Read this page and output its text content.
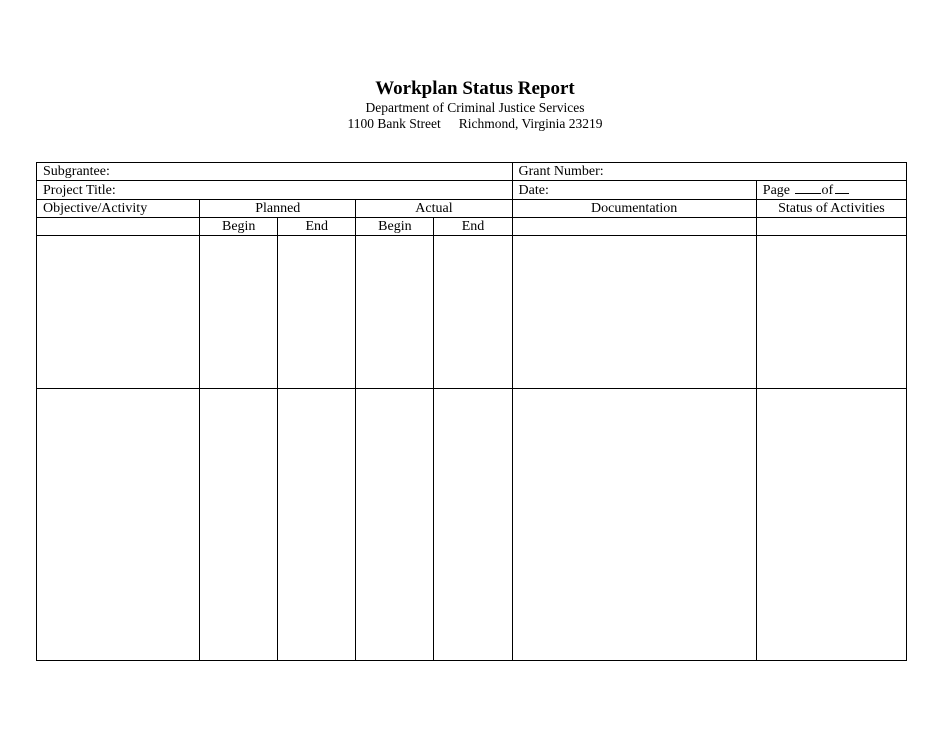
Workplan Status Report
Department of Criminal Justice Services
1100 Bank Street Richmond, Virginia 23219
Subgrantee:					Grant Number:	
Project Title:					Date:	Page of
Objective/Activity	Planned		Actual		Documentation	Status of Activities
	Begin	End	Begin	End		
